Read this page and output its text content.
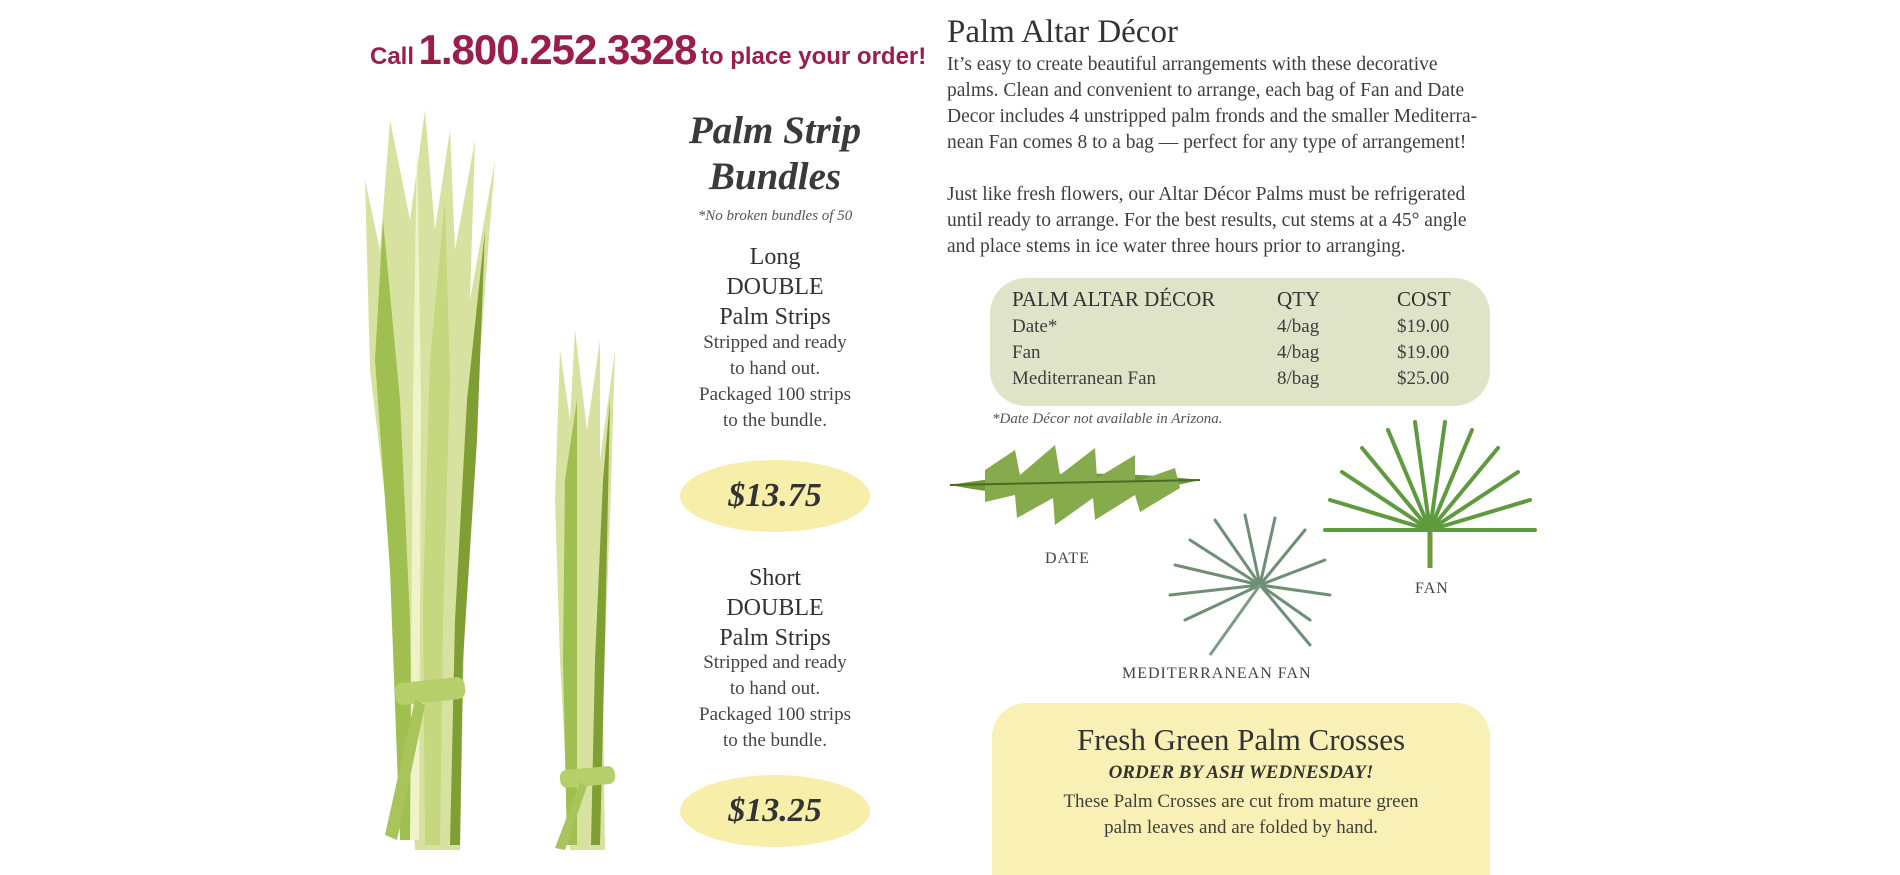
Call 1.800.252.3328 to place your order!
Palm Strip
Bundles
*No broken bundles of 50
Long
DOUBLE
Palm Strips
Stripped and ready
to hand out.
Packaged 100 strips
to the bundle.
$13.75
Short
DOUBLE
Palm Strips
Stripped and ready
to hand out.
Packaged 100 strips
to the bundle.
$13.25
Palm Altar Décor
It’s easy to create beautiful arrangements with these decorative
palms. Clean and convenient to arrange, each bag of Fan and Date
Decor includes 4 unstripped palm fronds and the smaller Mediterra-
nean Fan comes 8 to a bag — perfect for any type of arrangement!
Just like fresh flowers, our Altar Décor Palms must be refrigerated
until ready to arrange. For the best results, cut stems at a 45° angle
and place stems in ice water three hours prior to arranging.
PALM ALTAR DÉCOR	QTY	COST
Date*	4/bag	$19.00
Fan	4/bag	$19.00
Mediterranean Fan	8/bag	$25.00
*Date Décor not available in Arizona.
DATE
MEDITERRANEAN FAN
FAN
Fresh Green Palm Crosses
ORDER BY ASH WEDNESDAY!
These Palm Crosses are cut from mature green
palm leaves and are folded by hand.
